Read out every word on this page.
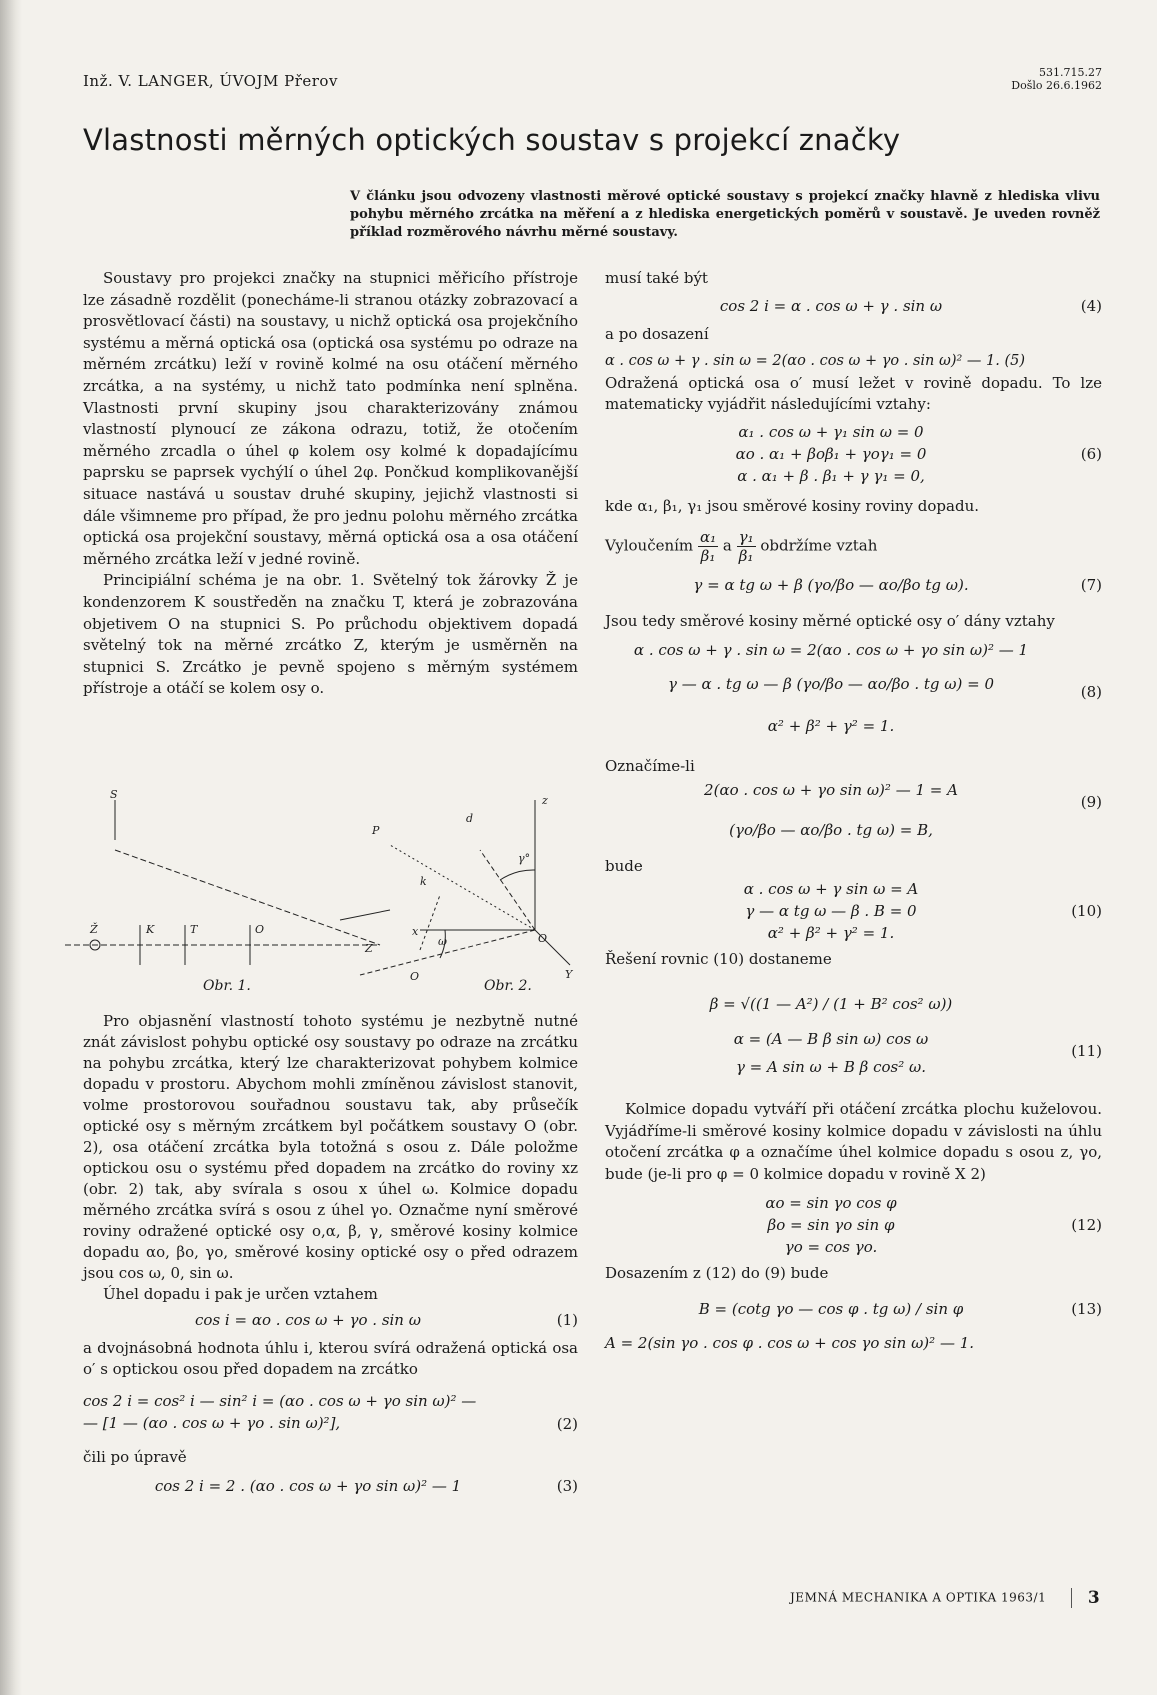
Inž. V. LANGER, ÚVOJM Přerov	531.715.27
Došlo 26.6.1962
Vlastnosti měrných optických soustav s projekcí značky
V článku jsou odvozeny vlastnosti měrové optické soustavy s projekcí značky hlavně z hlediska vlivu pohybu měrného zrcátka na měření a z hlediska energetických poměrů v soustavě. Je uveden rovněž příklad rozměrového návrhu měrné soustavy.

Soustavy pro projekci značky na stupnici měřicího přístroje lze zásadně rozdělit (ponecháme-li stranou otázky zobrazovací a prosvětlovací části) na soustavy, u nichž optická osa projekčního systému a měrná optická osa (optická osa systému po odraze na měrném zrcátku) leží v rovině kolmé na osu otáčení měrného zrcátka, a na systémy, u nichž tato podmínka není splněna. Vlastnosti první skupiny jsou charakterizovány známou vlastností plynoucí ze zákona odrazu, totiž, že otočením měrného zrcadla o úhel φ kolem osy kolmé k dopadajícímu paprsku se paprsek vychýlí o úhel 2φ. Pončkud komplikovanější situace nastává u soustav druhé skupiny, jejichž vlastnosti si dále všimneme pro případ, že pro jednu polohu měrného zrcátka optická osa projekční soustavy, měrná optická osa a osa otáčení měrného zrcátka leží v jedné rovině.

Principiální schéma je na obr. 1. Světelný tok žárovky Ž je kondenzorem K soustředěn na značku T, která je zobrazována objetivem O na stupnici S. Po průchodu objektivem dopadá světelný tok na měrné zrcátko Z, kterým je usměrněn na stupnici S. Zrcátko je pevně spojeno s měrným systémem přístroje a otáčí se kolem osy o.

S
Ž	K	T	O
z
O
x
Y
d
P
k
γ°
ω
O
Z
Obr. 1.	Obr. 2.

Pro objasnění vlastností tohoto systému je nezbytně nutné znát závislost pohybu optické osy soustavy po odraze na zrcátku na pohybu zrcátka, který lze charakterizovat pohybem kolmice dopadu v prostoru. Abychom mohli zmíněnou závislost stanovit, volme prostorovou souřadnou soustavu tak, aby průsečík optické osy s měrným zrcátkem byl počátkem soustavy O (obr. 2), osa otáčení zrcátka byla totožná s osou z. Dále položme optickou osu o systému před dopadem na zrcátko do roviny xz (obr. 2) tak, aby svírala s osou x úhel ω. Kolmice dopadu měrného zrcátka svírá s osou z úhel γo. Označme nyní směrové roviny odražené optické osy o,α, β, γ, směrové kosiny kolmice dopadu αo, βo, γo, směrové kosiny optické osy o před odrazem jsou cos ω, 0, sin ω.

Úhel dopadu i pak je určen vztahem

cos i = αo . cos ω + γo . sin ω	(1)

a dvojnásobná hodnota úhlu i, kterou svírá odražená optická osa o′ s optickou osou před dopadem na zrcátko

cos 2 i = cos² i — sin² i = (αo . cos ω + γo sin ω)² —
— [1 — (αo . cos ω + γo . sin ω)²],	(2)

čili po úpravě

cos 2 i = 2 . (αo . cos ω + γo sin ω)² — 1	(3)

musí také být

cos 2 i = α . cos ω + γ . sin ω	(4)

a po dosazení

α . cos ω + γ . sin ω = 2(αo . cos ω + γo . sin ω)² — 1. (5)

Odražená optická osa o′ musí ležet v rovině dopadu. To lze matematicky vyjádřit následujícími vztahy:

α₁ . cos ω + γ₁ sin ω = 0
αo . α₁ + βoβ₁ + γoγ₁ = 0
α . α₁ + β . β₁ + γ γ₁ = 0,
(6)

kde α₁, β₁, γ₁ jsou směrové kosiny roviny dopadu.

Vyloučením $\frac{\text{α₁}}{\text{β₁}}$ a $\frac{\text{γ₁}}{\text{β₁}}$ obdržíme vztah
γ = α tg ω + β (γo/βo — αo/βo tg ω).	(7)

Jsou tedy směrové kosiny měrné optické osy o′ dány vztahy

α . cos ω + γ . sin ω = 2(αo . cos ω + γo sin ω)² — 1
γ — α . tg ω — β (γo/βo — αo/βo . tg ω) = 0
α² + β² + γ² = 1.
(8)

Označíme-li

2(αo . cos ω + γo sin ω)² — 1 = A
(γo/βo — αo/βo . tg ω) = B,
(9)

bude

α . cos ω + γ sin ω = A
γ — α tg ω — β . B = 0
α² + β² + γ² = 1.
(10)

Řešení rovnic (10) dostaneme

β = √((1 — A²) / (1 + B² cos² ω))
α = (A — B β sin ω) cos ω
γ = A sin ω + B β cos² ω.
(11)

Kolmice dopadu vytváří při otáčení zrcátka plochu kuželovou. Vyjádříme-li směrové kosiny kolmice dopadu v závislosti na úhlu otočení zrcátka φ a označíme úhel kolmice dopadu s osou z, γo, bude (je-li pro φ = 0 kolmice dopadu v rovině X 2)

αo = sin γo cos φ
βo = sin γo sin φ
γo = cos γo.
(12)

Dosazením z (12) do (9) bude

B = (cotg γo — cos φ . tg ω) / sin φ	(13)
A = 2(sin γo . cos φ . cos ω + cos γo sin ω)² — 1.
JEMNÁ MECHANIKA A OPTIKA 1963/1 3
